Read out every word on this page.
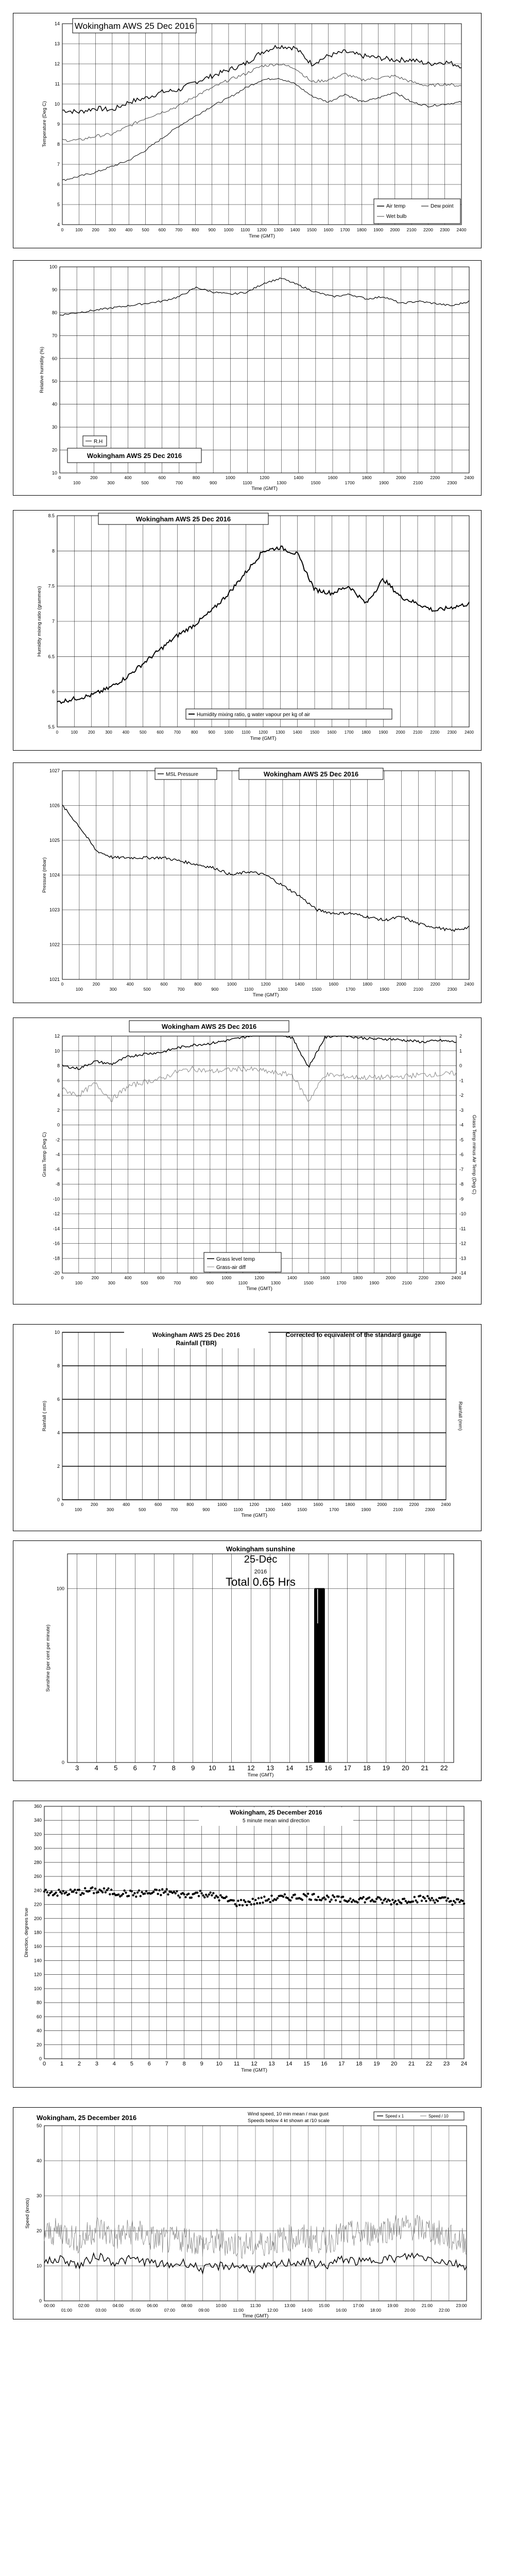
4
5
6
7
8
9
10
11
12
13
14
0	100 200 300 400 500 600 700 800 900 1000 1100 1200 1300 1400 1500 1600 1700 1800 1900 2000 2100 2200 2300 2400
Time (GMT)
Temperature (Deg C)
Wokingham AWS 25 Dec 2016
Air temp	Dew point
Wet bulb
10
20
30
40
50
60
70
80
90
100
0
100
200
300
400
500
600
700
800
900
1000
1100
1200
1300
1400
1500
1600
1700
1800
1900
2000
2100
2200
2300
2400
Time (GMT)
Relative humidity (%)
R.H
Wokingham AWS 25 Dec 2016
5.5
6
6.5
7
7.5
8
8.5
0	100 200 300 400 500 600 700 800 900 1000 1100 1200 1300 1400 1500 1600 1700 1800 1900 2000 2100 2200 2300 2400
Time (GMT)
Humidity mixing ratio (grammes)
Wokingham AWS 25 Dec 2016
Humidity mixing ratio, g water vapour per kg of air
1021
1022
1023
1024
1025
1026
1027
0
100
200
300
400
500
600
700
800
900
1000
1100
1200
1300
1400
1500
1600
1700
1800
1900
2000
2100
2200
2300
2400
Time (GMT)
Pressure (mbar)
MSL Pressure	Wokingham AWS 25 Dec 2016
-20
-18
-16
-14
-12
-10
-8
-6
-4
-2
0
2
4
6
8
10
12
0
100
200
300
400
500
600
700
800
900
1000
1100
1200
1300
1400
1500
1600
1700
1800
1900
2000
2100
2200
2300
2400
Time (GMT)
Grass Temp (Deg C)
-14
-13
-12
-11
-10
-9
-8
-7
-6
-5
-4
-3
-2
-1
0
1
2
Grass Temp minus Air Temp (Deg C)
Wokingham AWS 25 Dec 2016
Grass level temp
Grass-air diff
0
2
4
6
8
10
0
100
200
300
400
500
600
700
800
900
1000
1100
1200
1300
1400
1500
1600
1700
1800
1900
2000
2100
2200
2300
2400
Time (GMT)
Rainfall ( mm)	Rainfall (mm)
Wokingham AWS 25 Dec 2016
Rainfall (TBR)
Corrected to equivalent of the standard gauge
3 4 5 6 7 8 9 10 11 12 13 14 15 16 17 18 19 20 21 22
0
100
Time (GMT)
Sunshine (per cent per minute)
Wokingham sunshine
25-Dec
2016
Total 0.65 Hrs
0
20
40
60
80
100
120
140
160
180
200
220
240
260
280
300
320
340
360
0	1	2	3	4	5	6	7	8	9 10 11 12 13 14 15 16 17 18 19 20 21 22 23 24
Time (GMT)
Direction, degrees true
Wokingham, 25 December 2016
5 minute mean wind direction
0
10
20
30
40
50
00:00
01:00
02:00
03:00
04:00
05:00
06:00
07:00
08:00
09:00
10:00
11:00
11:30
12:00
13:00
14:00
15:00
16:00
17:00
18:00
19:00
20:00
21:00
22:00
23:00
Time (GMT)
Speed (knots)
Wokingham, 25 December 2016	Wind speed, 10 min mean / max gust
Speeds below 4 kt shown at /10 scale
Speed x 1	Speed / 10
